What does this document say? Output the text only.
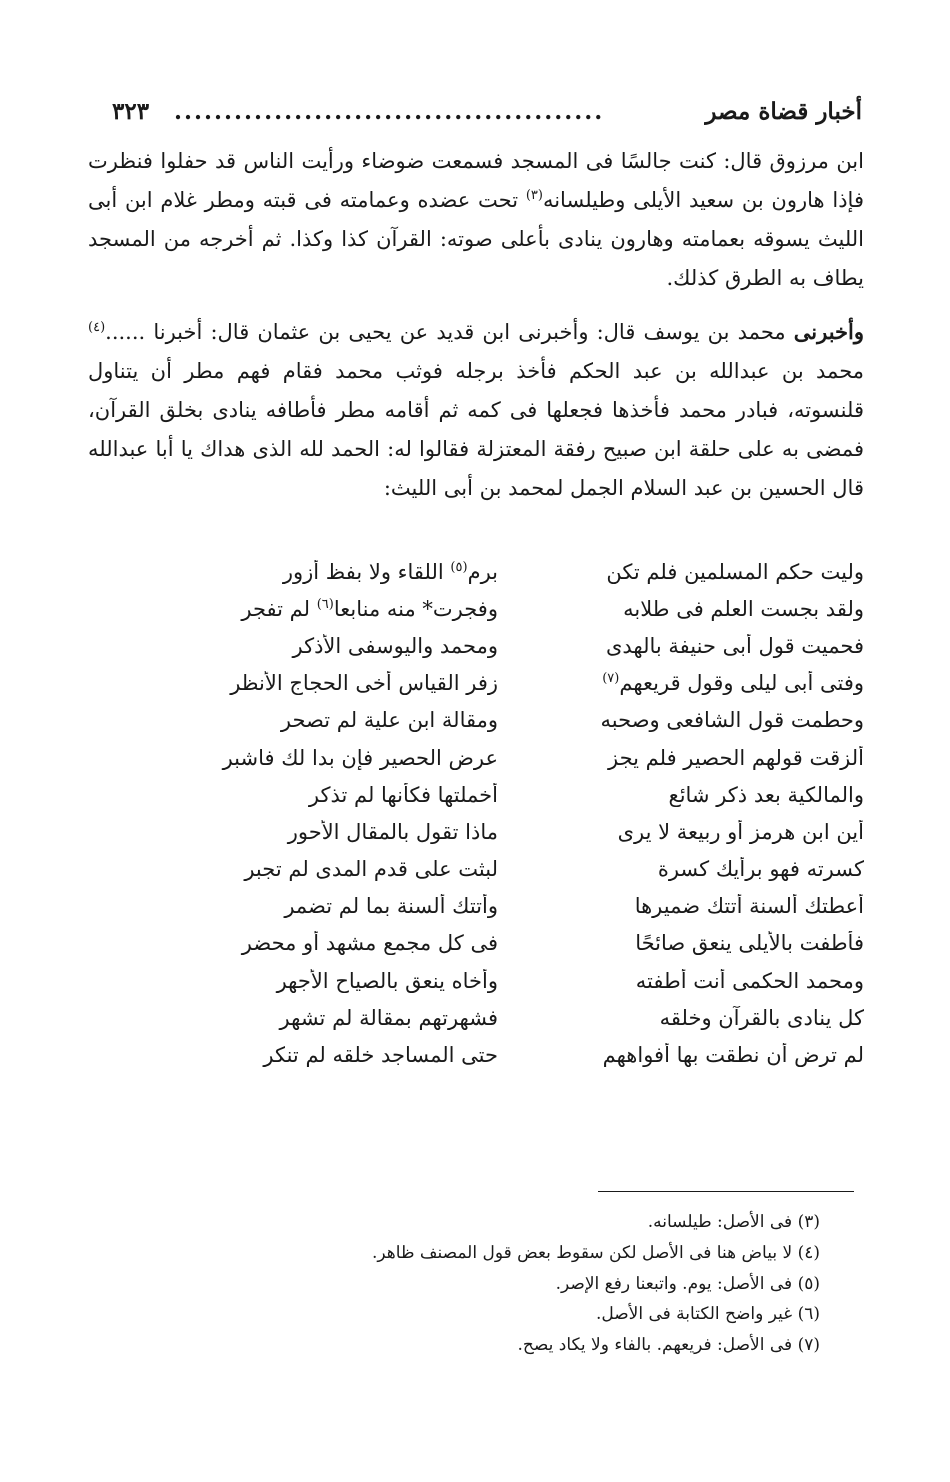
أخبار قضاة مصر
...........................................
٣٢٣

ابن مرزوق قال: كنت جالسًا فى المسجد فسمعت ضوضاء ورأيت الناس قد حفلوا فنظرت فإذا هارون بن سعيد الأيلى وطيلسانه$^{(٣)}$ تحت عضده وعمامته فى قبته ومطر غلام ابن أبى الليث يسوقه بعمامته وهارون ينادى بأعلى صوته: القرآن كذا وكذا. ثم أخرجه من المسجد يطاف به الطرق كذلك.

وأخبرنى محمد بن يوسف قال: وأخبرنى ابن قديد عن يحيى بن عثمان قال: أخبرنا ......$^{(٤)}$ محمد بن عبدالله بن عبد الحكم فأخذ برجله فوثب محمد فقام فهم مطر أن يتناول قلنسوته، فبادر محمد فأخذها فجعلها فى كمه ثم أقامه مطر فأطافه ينادى بخلق القرآن، فمضى به على حلقة ابن صبيح رفقة المعتزلة فقالوا له: الحمد لله الذى هداك يا أبا عبدالله قال الحسين بن عبد السلام الجمل لمحمد بن أبى الليث:

وليت حكم المسلمين فلم تكن
برم$^{(٥)}$ اللقاء ولا بفظ أزور
ولقد بجست العلم فى طلابه
وفجرت* منه منابعا$^{(٦)}$ لم تفجر
فحميت قول أبى حنيفة بالهدى
ومحمد واليوسفى الأذكر
وفتى أبى ليلى وقول قريعهم$^{(٧)}$
زفر القياس أخى الحجاج الأنظر
وحطمت قول الشافعى وصحبه
ومقالة ابن علية لم تصحر
ألزقت قولهم الحصير فلم يجز
عرض الحصير فإن بدا لك فاشبر
والمالكية بعد ذكر شائع
أخملتها فكأنها لم تذكر
أين ابن هرمز أو ربيعة لا يرى
ماذا تقول بالمقال الأحور
كسرته فهو برأيك كسرة
لبثت على قدم المدى لم تجبر
أعطتك ألسنة أتتك ضميرها
وأتتك ألسنة بما لم تضمر
فأطفت بالأيلى ينعق صائحًا
فى كل مجمع مشهد أو محضر
ومحمد الحكمى أنت أطفته
وأخاه ينعق بالصياح الأجهر
كل ينادى بالقرآن وخلقه
فشهرتهم بمقالة لم تشهر
لم ترض أن نطقت بها أفواههم
حتى المساجد خلقه لم تنكر
(٣) فى الأصل: طيلسانه.
(٤) لا بياض هنا فى الأصل لكن سقوط بعض قول المصنف ظاهر.
(٥) فى الأصل: يوم. واتبعنا رفع الإصر.
(٦) غير واضح الكتابة فى الأصل.
(٧) فى الأصل: فريعهم. بالفاء ولا يكاد يصح.
